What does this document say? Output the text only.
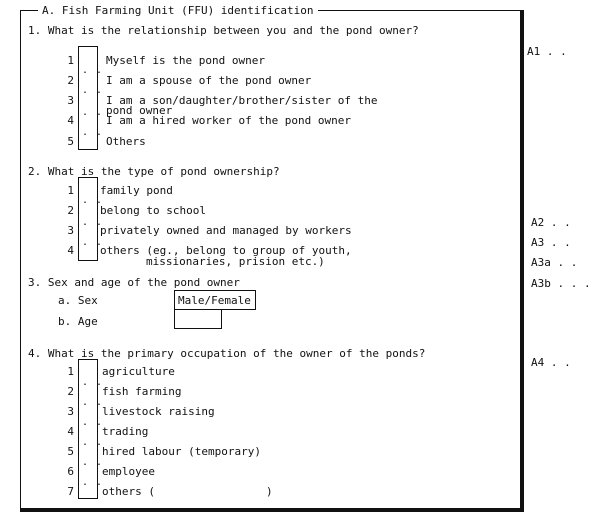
A. Fish Farming Unit (FFU) identification
1. What is the relationship between you and the pond owner?
A1 . .
1
. .
Myself is the pond owner
2	I am a spouse of the pond owner
3
. .
I am a son/daughter/brother/sister of the
pond owner
4
. .
I am a hired worker of the pond owner
5
. .
Others
2. What is the type of pond ownership?
1 family pond
2
. .
belong to school
3
. .
privately owned and managed by workers
4
. .
others (eg., belong to group of youth,
missionaries, prision etc.)
A2 . .
A3 . .
A3a . .
A3b . . .
3. Sex and age of the pond owner
a. Sex	Male/Female
b. Age
4. What is the primary occupation of the owner of the ponds?
A4 . .
1	agriculture
2
. .
fish farming
3
. .
livestock raising
4
. .
trading
5
. .
hired labour (temporary)
6
. .
employee
7
. .
others (	)
